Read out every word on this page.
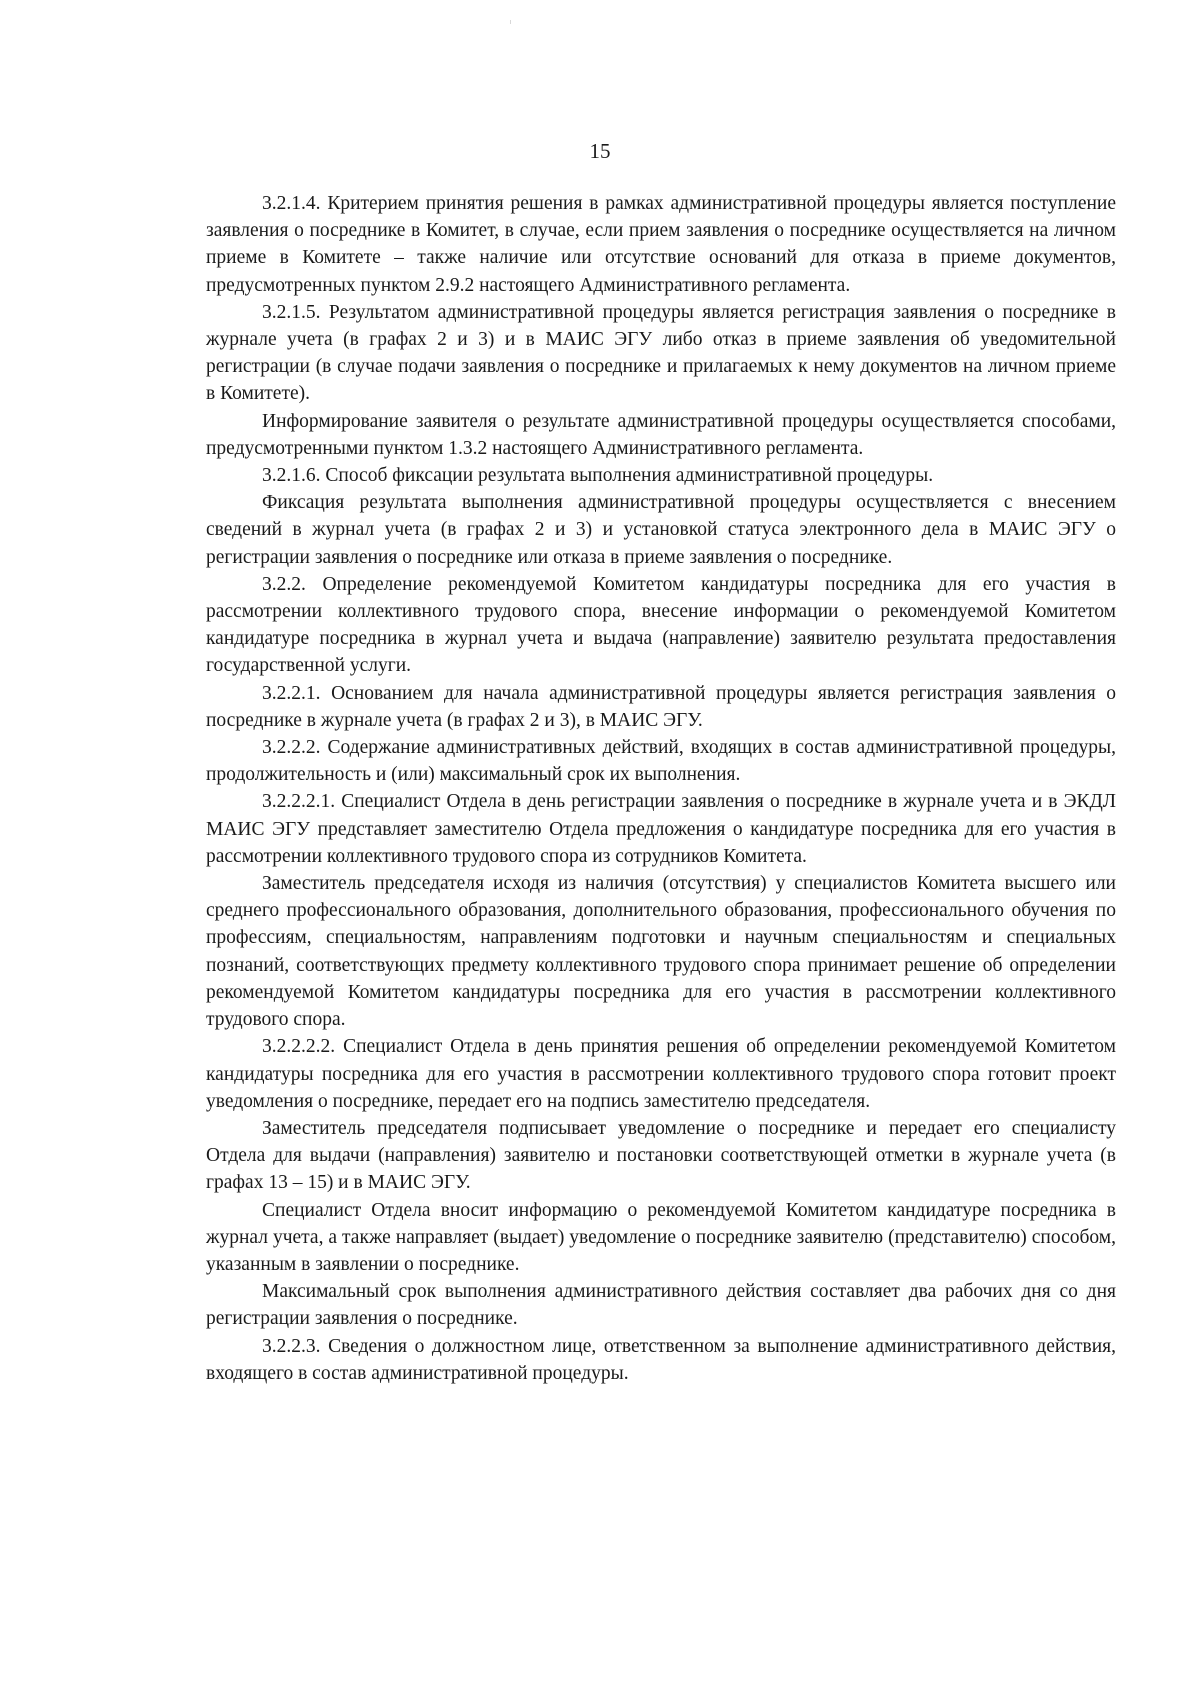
15

3.2.1.4. Критерием принятия решения в рамках административной процедуры является поступление заявления о посреднике в Комитет, в случае, если прием заявления о посреднике осуществляется на личном приеме в Комитете – также наличие или отсутствие оснований для отказа в приеме документов, предусмотренных пунктом 2.9.2 настоящего Административного регламента.

3.2.1.5. Результатом административной процедуры является регистрация заявления о посреднике в журнале учета (в графах 2 и 3) и в МАИС ЭГУ либо отказ в приеме заявления об уведомительной регистрации (в случае подачи заявления о посреднике и прилагаемых к нему документов на личном приеме в Комитете).

Информирование заявителя о результате административной процедуры осуществляется способами, предусмотренными пунктом 1.3.2 настоящего Административного регламента.

3.2.1.6. Способ фиксации результата выполнения административной процедуры.

Фиксация результата выполнения административной процедуры осуществляется с внесением сведений в журнал учета (в графах 2 и 3) и установкой статуса электронного дела в МАИС ЭГУ о регистрации заявления о посреднике или отказа в приеме заявления о посреднике.

3.2.2. Определение рекомендуемой Комитетом кандидатуры посредника для его участия в рассмотрении коллективного трудового спора, внесение информации о рекомендуемой Комитетом кандидатуре посредника в журнал учета и выдача (направление) заявителю результата предоставления государственной услуги.

3.2.2.1. Основанием для начала административной процедуры является регистрация заявления о посреднике в журнале учета (в графах 2 и 3), в МАИС ЭГУ.

3.2.2.2. Содержание административных действий, входящих в состав административной процедуры, продолжительность и (или) максимальный срок их выполнения.

3.2.2.2.1. Специалист Отдела в день регистрации заявления о посреднике в журнале учета и в ЭКДЛ МАИС ЭГУ представляет заместителю Отдела предложения о кандидатуре посредника для его участия в рассмотрении коллективного трудового спора из сотрудников Комитета.

Заместитель председателя исходя из наличия (отсутствия) у специалистов Комитета высшего или среднего профессионального образования, дополнительного образования, профессионального обучения по профессиям, специальностям, направлениям подготовки и научным специальностям и специальных познаний, соответствующих предмету коллективного трудового спора принимает решение об определении рекомендуемой Комитетом кандидатуры посредника для его участия в рассмотрении коллективного трудового спора.

3.2.2.2.2. Специалист Отдела в день принятия решения об определении рекомендуемой Комитетом кандидатуры посредника для его участия в рассмотрении коллективного трудового спора готовит проект уведомления о посреднике, передает его на подпись заместителю председателя.

Заместитель председателя подписывает уведомление о посреднике и передает его специалисту Отдела для выдачи (направления) заявителю и постановки соответствующей отметки в журнале учета (в графах 13 – 15) и в МАИС ЭГУ.

Специалист Отдела вносит информацию о рекомендуемой Комитетом кандидатуре посредника в журнал учета, а также направляет (выдает) уведомление о посреднике заявителю (представителю) способом, указанным в заявлении о посреднике.

Максимальный срок выполнения административного действия составляет два рабочих дня со дня регистрации заявления о посреднике.

3.2.2.3. Сведения о должностном лице, ответственном за выполнение административного действия, входящего в состав административной процедуры.
